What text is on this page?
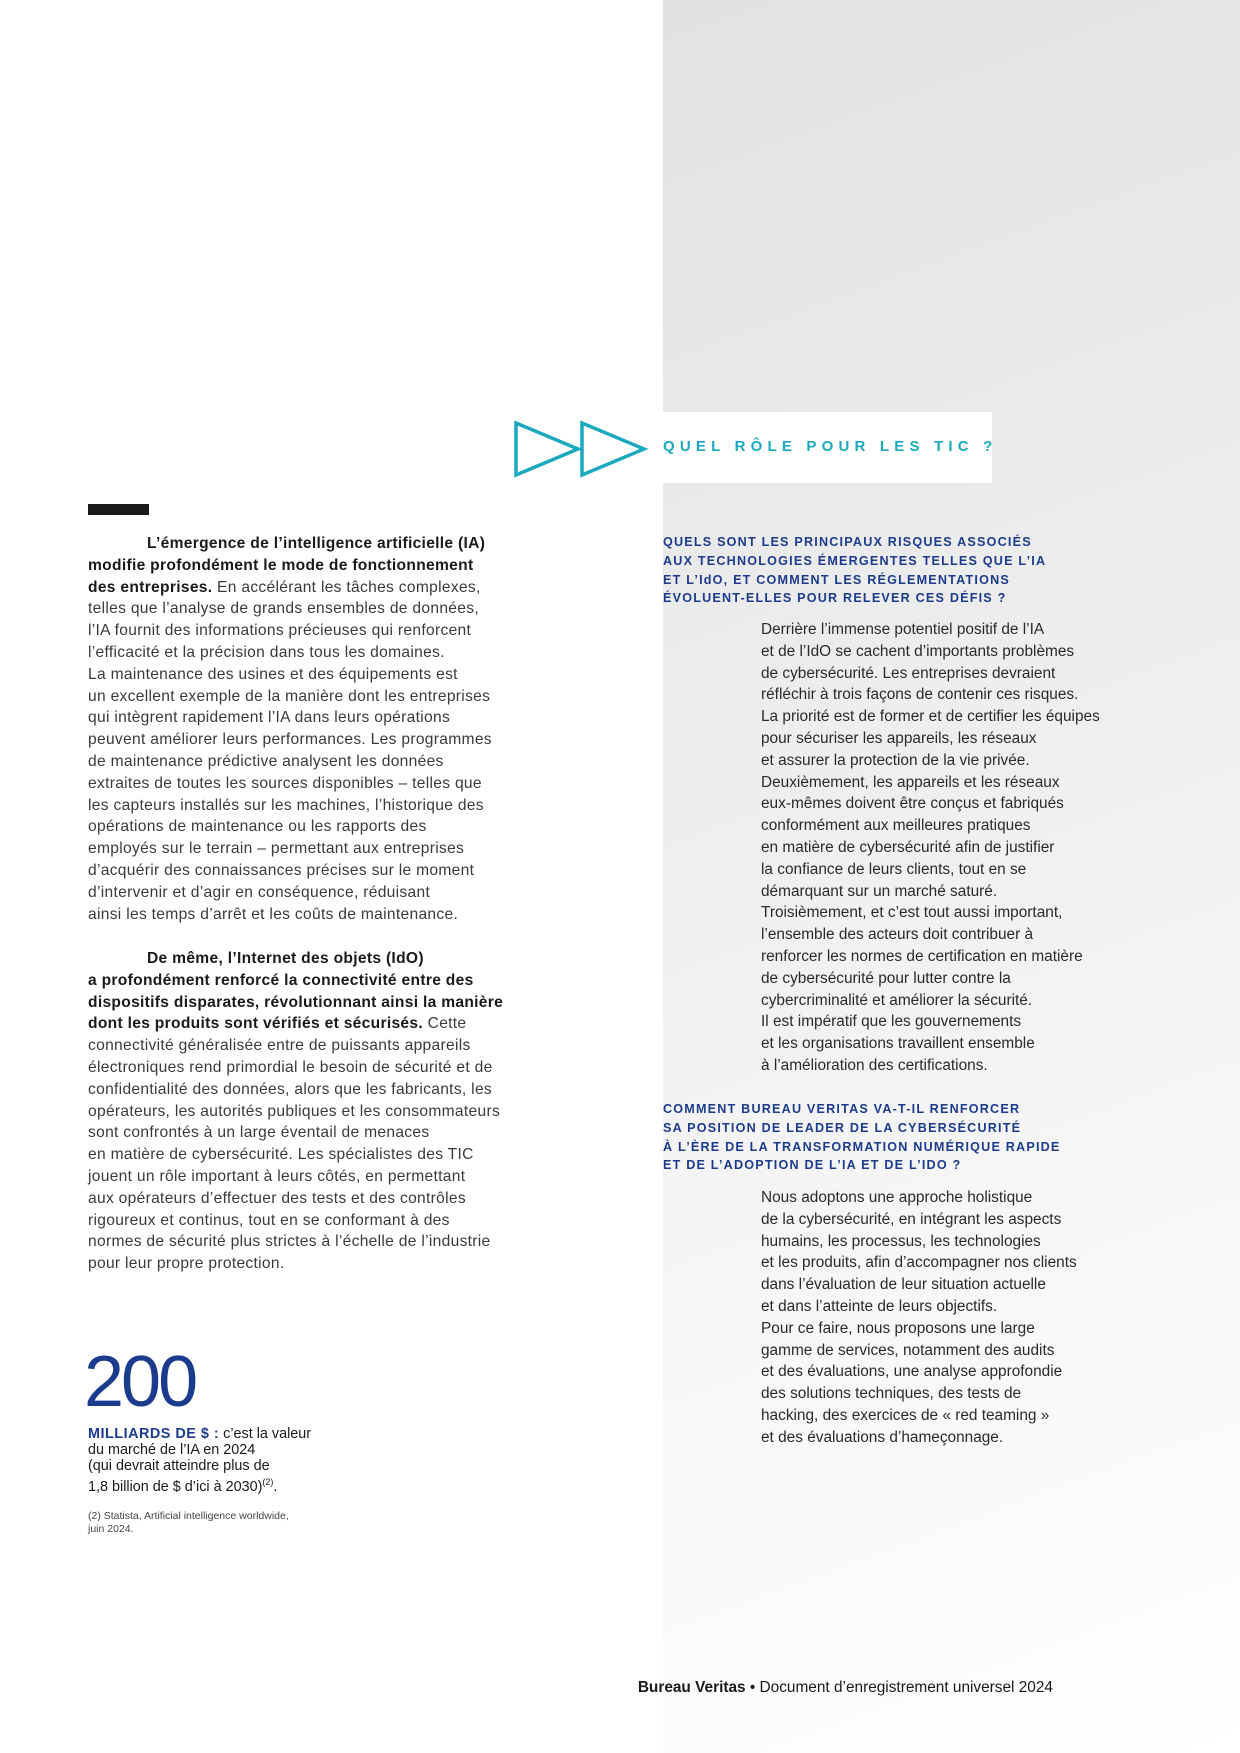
QUEL RÔLE POUR LES TIC ?
L’émergence de l’intelligence artificielle (IA)
modifie profondément le mode de fonctionnement
des entreprises. En accélérant les tâches complexes,
telles que l’analyse de grands ensembles de données,
l’IA fournit des informations précieuses qui renforcent
l’efficacité et la précision dans tous les domaines.
La maintenance des usines et des équipements est
un excellent exemple de la manière dont les entreprises
qui intègrent rapidement l’IA dans leurs opérations
peuvent améliorer leurs performances. Les programmes
de maintenance prédictive analysent les données
extraites de toutes les sources disponibles – telles que
les capteurs installés sur les machines, l’historique des
opérations de maintenance ou les rapports des
employés sur le terrain – permettant aux entreprises
d’acquérir des connaissances précises sur le moment
d’intervenir et d’agir en conséquence, réduisant
ainsi les temps d’arrêt et les coûts de maintenance.
De même, l’Internet des objets (IdO)
a profondément renforcé la connectivité entre des
dispositifs disparates, révolutionnant ainsi la manière
dont les produits sont vérifiés et sécurisés. Cette
connectivité généralisée entre de puissants appareils
électroniques rend primordial le besoin de sécurité et de
confidentialité des données, alors que les fabricants, les
opérateurs, les autorités publiques et les consommateurs
sont confrontés à un large éventail de menaces
en matière de cybersécurité. Les spécialistes des TIC
jouent un rôle important à leurs côtés, en permettant
aux opérateurs d’effectuer des tests et des contrôles
rigoureux et continus, tout en se conformant à des
normes de sécurité plus strictes à l’échelle de l’industrie
pour leur propre protection.
QUELS SONT LES PRINCIPAUX RISQUES ASSOCIÉS
AUX TECHNOLOGIES ÉMERGENTES TELLES QUE L’IA
ET L’IdO, ET COMMENT LES RÉGLEMENTATIONS
ÉVOLUENT-ELLES POUR RELEVER CES DÉFIS ?
Derrière l’immense potentiel positif de l’IA
et de l’IdO se cachent d’importants problèmes
de cybersécurité. Les entreprises devraient
réfléchir à trois façons de contenir ces risques.
La priorité est de former et de certifier les équipes
pour sécuriser les appareils, les réseaux
et assurer la protection de la vie privée.
Deuxièmement, les appareils et les réseaux
eux-mêmes doivent être conçus et fabriqués
conformément aux meilleures pratiques
en matière de cybersécurité afin de justifier
la confiance de leurs clients, tout en se
démarquant sur un marché saturé.
Troisièmement, et c’est tout aussi important,
l’ensemble des acteurs doit contribuer à
renforcer les normes de certification en matière
de cybersécurité pour lutter contre la
cybercriminalité et améliorer la sécurité.
Il est impératif que les gouvernements
et les organisations travaillent ensemble
à l’amélioration des certifications.
COMMENT BUREAU VERITAS VA-T-IL RENFORCER
SA POSITION DE LEADER DE LA CYBERSÉCURITÉ
À L’ÈRE DE LA TRANSFORMATION NUMÉRIQUE RAPIDE
ET DE L’ADOPTION DE L’IA ET DE L’IDO ?
Nous adoptons une approche holistique
de la cybersécurité, en intégrant les aspects
humains, les processus, les technologies
et les produits, afin d’accompagner nos clients
dans l’évaluation de leur situation actuelle
et dans l’atteinte de leurs objectifs.
Pour ce faire, nous proposons une large
gamme de services, notamment des audits
et des évaluations, une analyse approfondie
des solutions techniques, des tests de
hacking, des exercices de « red teaming »
et des évaluations d’hameçonnage.
200
MILLIARDS DE $ : c’est la valeur
du marché de l’IA en 2024
(qui devrait atteindre plus de
1,8 billion de $ d’ici à 2030)$^{(2)}$.
(2) Statista, Artificial intelligence worldwide,
juin 2024.
Bureau Veritas • Document d’enregistrement universel 2024
